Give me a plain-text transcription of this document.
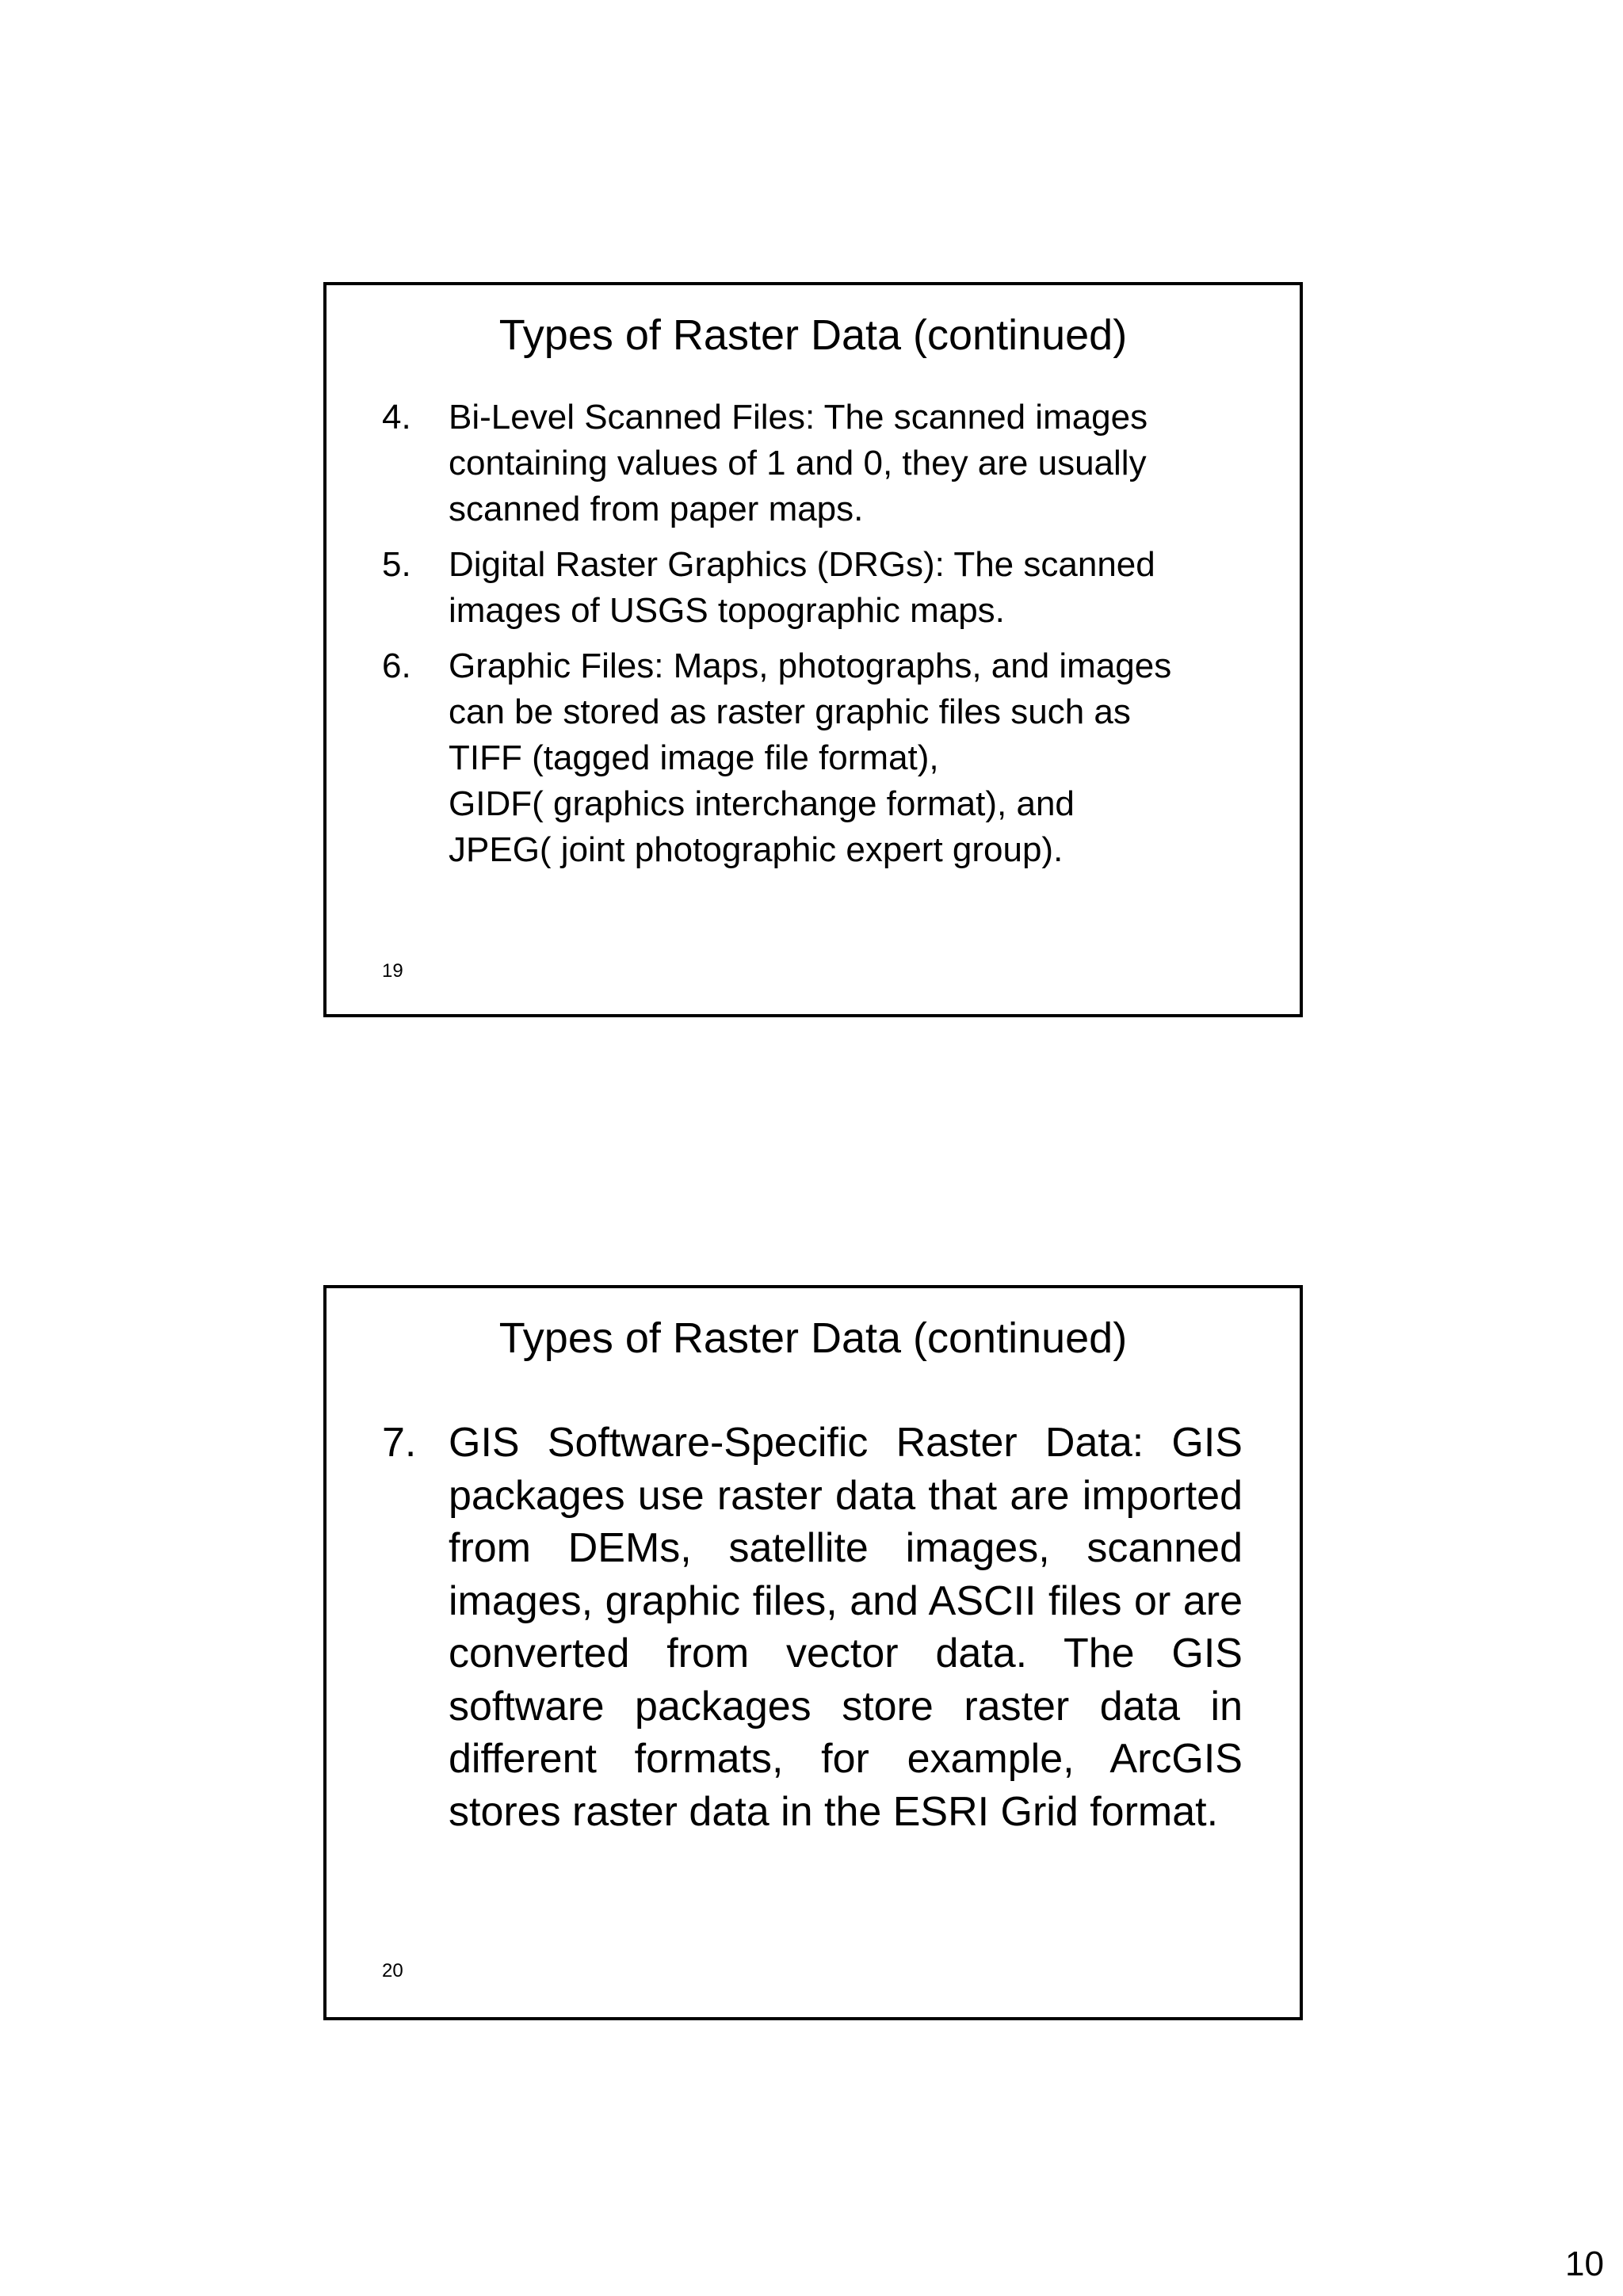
Types of Raster Data (continued)
4. Bi-Level Scanned Files: The scanned images
containing values of 1 and 0, they are usually
scanned from paper maps.
5. Digital Raster Graphics (DRGs): The scanned
images of USGS topographic maps.
6. Graphic Files: Maps, photographs, and images
can be stored as raster graphic files such as
TIFF (tagged image file format),
GIDF( graphics interchange format), and
JPEG( joint photographic expert group).
19
Types of Raster Data (continued)
7. GIS Software-Specific Raster Data: GIS packages use raster data that are imported from DEMs, satellite images, scanned images, graphic files, and ASCII files or are converted from vector data. The GIS software packages store raster data in different formats, for example, ArcGIS stores raster data in the ESRI Grid format.
20
10
